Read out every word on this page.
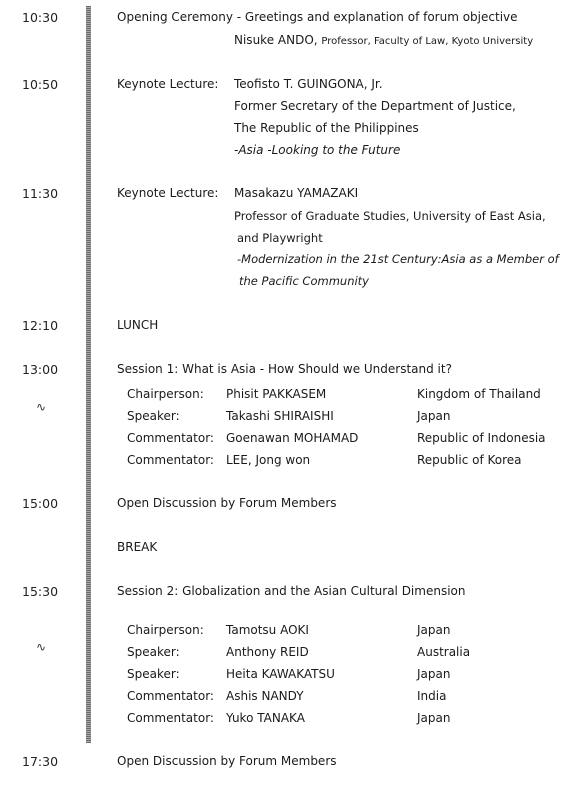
10:30	Opening Ceremony - Greetings and explanation of forum objective
Nisuke ANDO, Professor, Faculty of Law, Kyoto University
10:50	Keynote Lecture: Teofisto T. GUINGONA, Jr.
Former Secretary of the Department of Justice,
The Republic of the Philippines
-Asia -Looking to the Future
11:30	Keynote Lecture: Masakazu YAMAZAKI
Professor of Graduate Studies, University of East Asia,
and Playwright
-Modernization in the 21st Century:Asia as a Member of
the Pacific Community
12:10	LUNCH
13:00
∿
Session 1: What is Asia - How Should we Understand it?
Chairperson: Phisit PAKKASEM	Kingdom of Thailand
Speaker:	Takashi SHIRAISHI	Japan
Commentator: Goenawan MOHAMAD	Republic of Indonesia
Commentator: LEE, Jong won	Republic of Korea
15:00	Open Discussion by Forum Members
BREAK
15:30
∿
Session 2: Globalization and the Asian Cultural Dimension
Chairperson: Tamotsu AOKI	Japan
Speaker:	Anthony REID	Australia
Speaker:	Heita KAWAKATSU	Japan
Commentator: Ashis NANDY	India
Commentator: Yuko TANAKA	Japan
17:30	Open Discussion by Forum Members
